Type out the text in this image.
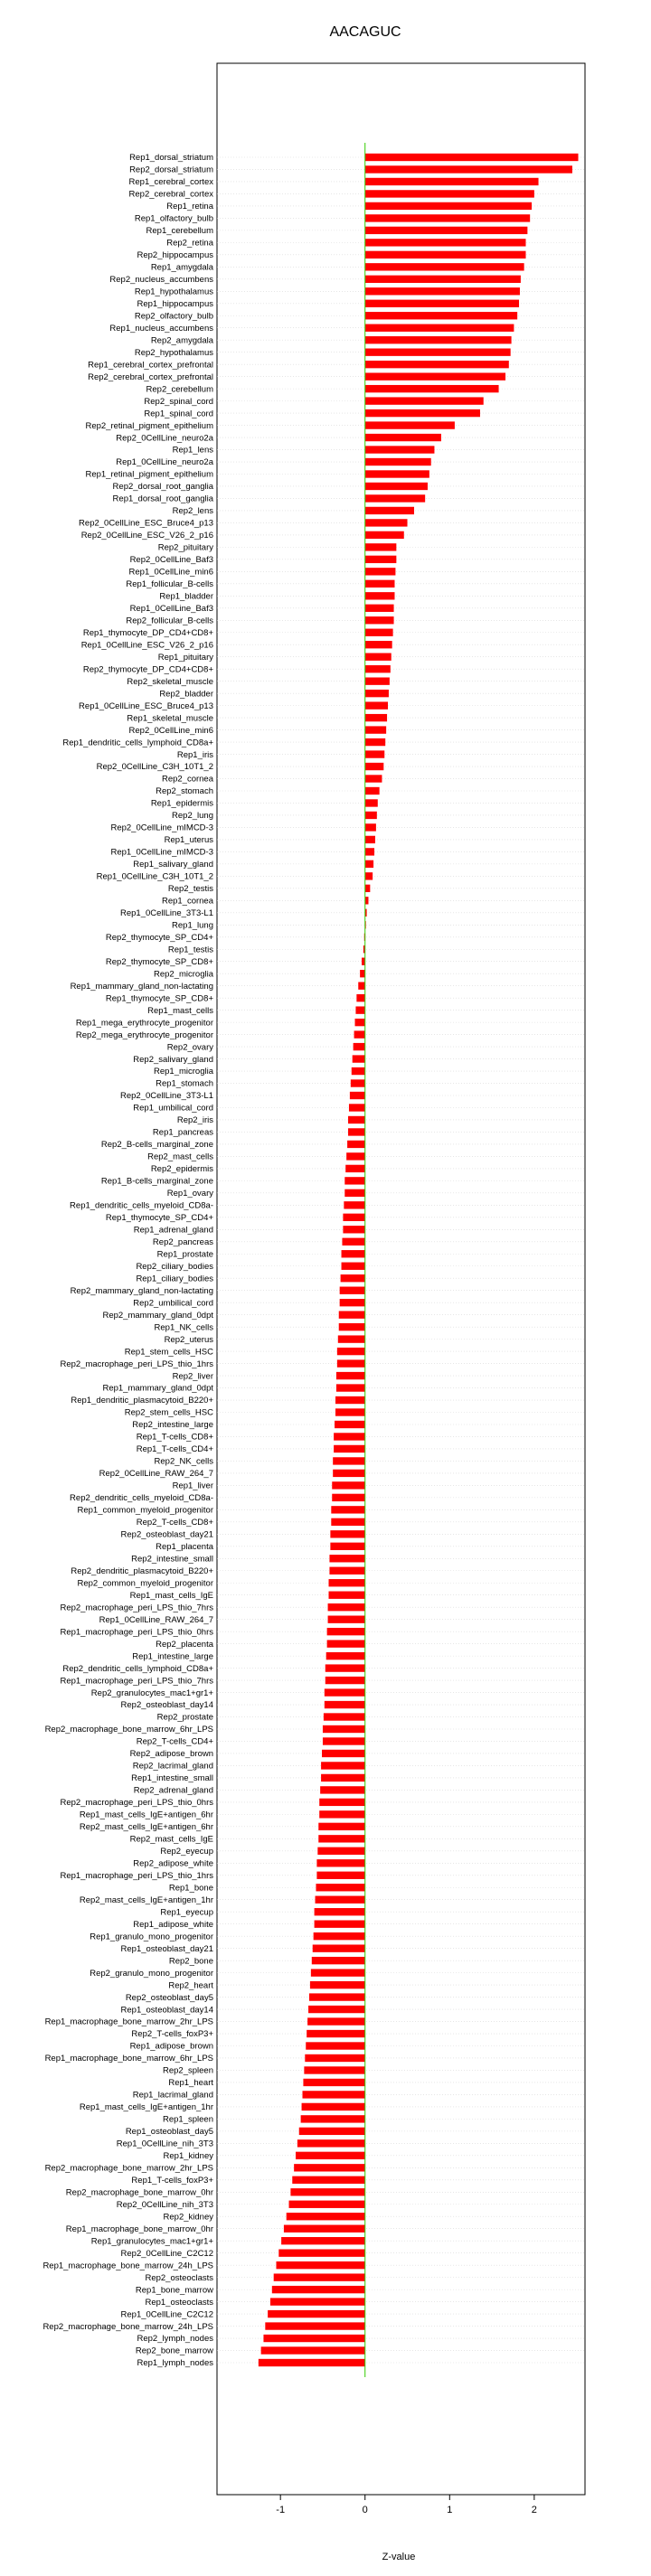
AACAGUC
Rep1_dorsal_striatum
Rep2_dorsal_striatum
Rep1_cerebral_cortex
Rep2_cerebral_cortex
Rep1_retina
Rep1_olfactory_bulb
Rep1_cerebellum
Rep2_retina
Rep2_hippocampus
Rep1_amygdala
Rep2_nucleus_accumbens
Rep1_hypothalamus
Rep1_hippocampus
Rep2_olfactory_bulb
Rep1_nucleus_accumbens
Rep2_amygdala
Rep2_hypothalamus
Rep1_cerebral_cortex_prefrontal
Rep2_cerebral_cortex_prefrontal
Rep2_cerebellum
Rep2_spinal_cord
Rep1_spinal_cord
Rep2_retinal_pigment_epithelium
Rep2_0CellLine_neuro2a
Rep1_lens
Rep1_0CellLine_neuro2a
Rep1_retinal_pigment_epithelium
Rep2_dorsal_root_ganglia
Rep1_dorsal_root_ganglia
Rep2_lens
Rep2_0CellLine_ESC_Bruce4_p13
Rep2_0CellLine_ESC_V26_2_p16
Rep2_pituitary
Rep2_0CellLine_Baf3
Rep1_0CellLine_min6
Rep1_follicular_B-cells
Rep1_bladder
Rep1_0CellLine_Baf3
Rep2_follicular_B-cells
Rep1_thymocyte_DP_CD4+CD8+
Rep1_0CellLine_ESC_V26_2_p16
Rep1_pituitary
Rep2_thymocyte_DP_CD4+CD8+
Rep2_skeletal_muscle
Rep2_bladder
Rep1_0CellLine_ESC_Bruce4_p13
Rep1_skeletal_muscle
Rep2_0CellLine_min6
Rep1_dendritic_cells_lymphoid_CD8a+
Rep1_iris
Rep2_0CellLine_C3H_10T1_2
Rep2_cornea
Rep2_stomach
Rep1_epidermis
Rep2_lung
Rep2_0CellLine_mIMCD-3
Rep1_uterus
Rep1_0CellLine_mIMCD-3
Rep1_salivary_gland
Rep1_0CellLine_C3H_10T1_2
Rep2_testis
Rep1_cornea
Rep1_0CellLine_3T3-L1
Rep1_lung
Rep2_thymocyte_SP_CD4+
Rep1_testis
Rep2_thymocyte_SP_CD8+
Rep2_microglia
Rep1_mammary_gland_non-lactating
Rep1_thymocyte_SP_CD8+
Rep1_mast_cells
Rep1_mega_erythrocyte_progenitor
Rep2_mega_erythrocyte_progenitor
Rep2_ovary
Rep2_salivary_gland
Rep1_microglia
Rep1_stomach
Rep2_0CellLine_3T3-L1
Rep1_umbilical_cord
Rep2_iris
Rep1_pancreas
Rep2_B-cells_marginal_zone
Rep2_mast_cells
Rep2_epidermis
Rep1_B-cells_marginal_zone
Rep1_ovary
Rep1_dendritic_cells_myeloid_CD8a-
Rep1_thymocyte_SP_CD4+
Rep1_adrenal_gland
Rep2_pancreas
Rep1_prostate
Rep2_ciliary_bodies
Rep1_ciliary_bodies
Rep2_mammary_gland_non-lactating
Rep2_umbilical_cord
Rep2_mammary_gland_0dpt
Rep1_NK_cells
Rep2_uterus
Rep1_stem_cells_HSC
Rep2_macrophage_peri_LPS_thio_1hrs
Rep2_liver
Rep1_mammary_gland_0dpt
Rep1_dendritic_plasmacytoid_B220+
Rep2_stem_cells_HSC
Rep2_intestine_large
Rep1_T-cells_CD8+
Rep1_T-cells_CD4+
Rep2_NK_cells
Rep2_0CellLine_RAW_264_7
Rep1_liver
Rep2_dendritic_cells_myeloid_CD8a-
Rep1_common_myeloid_progenitor
Rep2_T-cells_CD8+
Rep2_osteoblast_day21
Rep1_placenta
Rep2_intestine_small
Rep2_dendritic_plasmacytoid_B220+
Rep2_common_myeloid_progenitor
Rep1_mast_cells_IgE
Rep2_macrophage_peri_LPS_thio_7hrs
Rep1_0CellLine_RAW_264_7
Rep1_macrophage_peri_LPS_thio_0hrs
Rep2_placenta
Rep1_intestine_large
Rep2_dendritic_cells_lymphoid_CD8a+
Rep1_macrophage_peri_LPS_thio_7hrs
Rep2_granulocytes_mac1+gr1+
Rep2_osteoblast_day14
Rep2_prostate
Rep2_macrophage_bone_marrow_6hr_LPS
Rep2_T-cells_CD4+
Rep2_adipose_brown
Rep2_lacrimal_gland
Rep1_intestine_small
Rep2_adrenal_gland
Rep2_macrophage_peri_LPS_thio_0hrs
Rep1_mast_cells_IgE+antigen_6hr
Rep2_mast_cells_IgE+antigen_6hr
Rep2_mast_cells_IgE
Rep2_eyecup
Rep2_adipose_white
Rep1_macrophage_peri_LPS_thio_1hrs
Rep1_bone
Rep2_mast_cells_IgE+antigen_1hr
Rep1_eyecup
Rep1_adipose_white
Rep1_granulo_mono_progenitor
Rep1_osteoblast_day21
Rep2_bone
Rep2_granulo_mono_progenitor
Rep2_heart
Rep2_osteoblast_day5
Rep1_osteoblast_day14
Rep1_macrophage_bone_marrow_2hr_LPS
Rep2_T-cells_foxP3+
Rep1_adipose_brown
Rep1_macrophage_bone_marrow_6hr_LPS
Rep2_spleen
Rep1_heart
Rep1_lacrimal_gland
Rep1_mast_cells_IgE+antigen_1hr
Rep1_spleen
Rep1_osteoblast_day5
Rep1_0CellLine_nih_3T3
Rep1_kidney
Rep2_macrophage_bone_marrow_2hr_LPS
Rep1_T-cells_foxP3+
Rep2_macrophage_bone_marrow_0hr
Rep2_0CellLine_nih_3T3
Rep2_kidney
Rep1_macrophage_bone_marrow_0hr
Rep1_granulocytes_mac1+gr1+
Rep2_0CellLine_C2C12
Rep1_macrophage_bone_marrow_24h_LPS
Rep2_osteoclasts
Rep1_bone_marrow
Rep1_osteoclasts
Rep1_0CellLine_C2C12
Rep2_macrophage_bone_marrow_24h_LPS
Rep2_lymph_nodes
Rep2_bone_marrow
Rep1_lymph_nodes
-1	0	1	2
Z-value
